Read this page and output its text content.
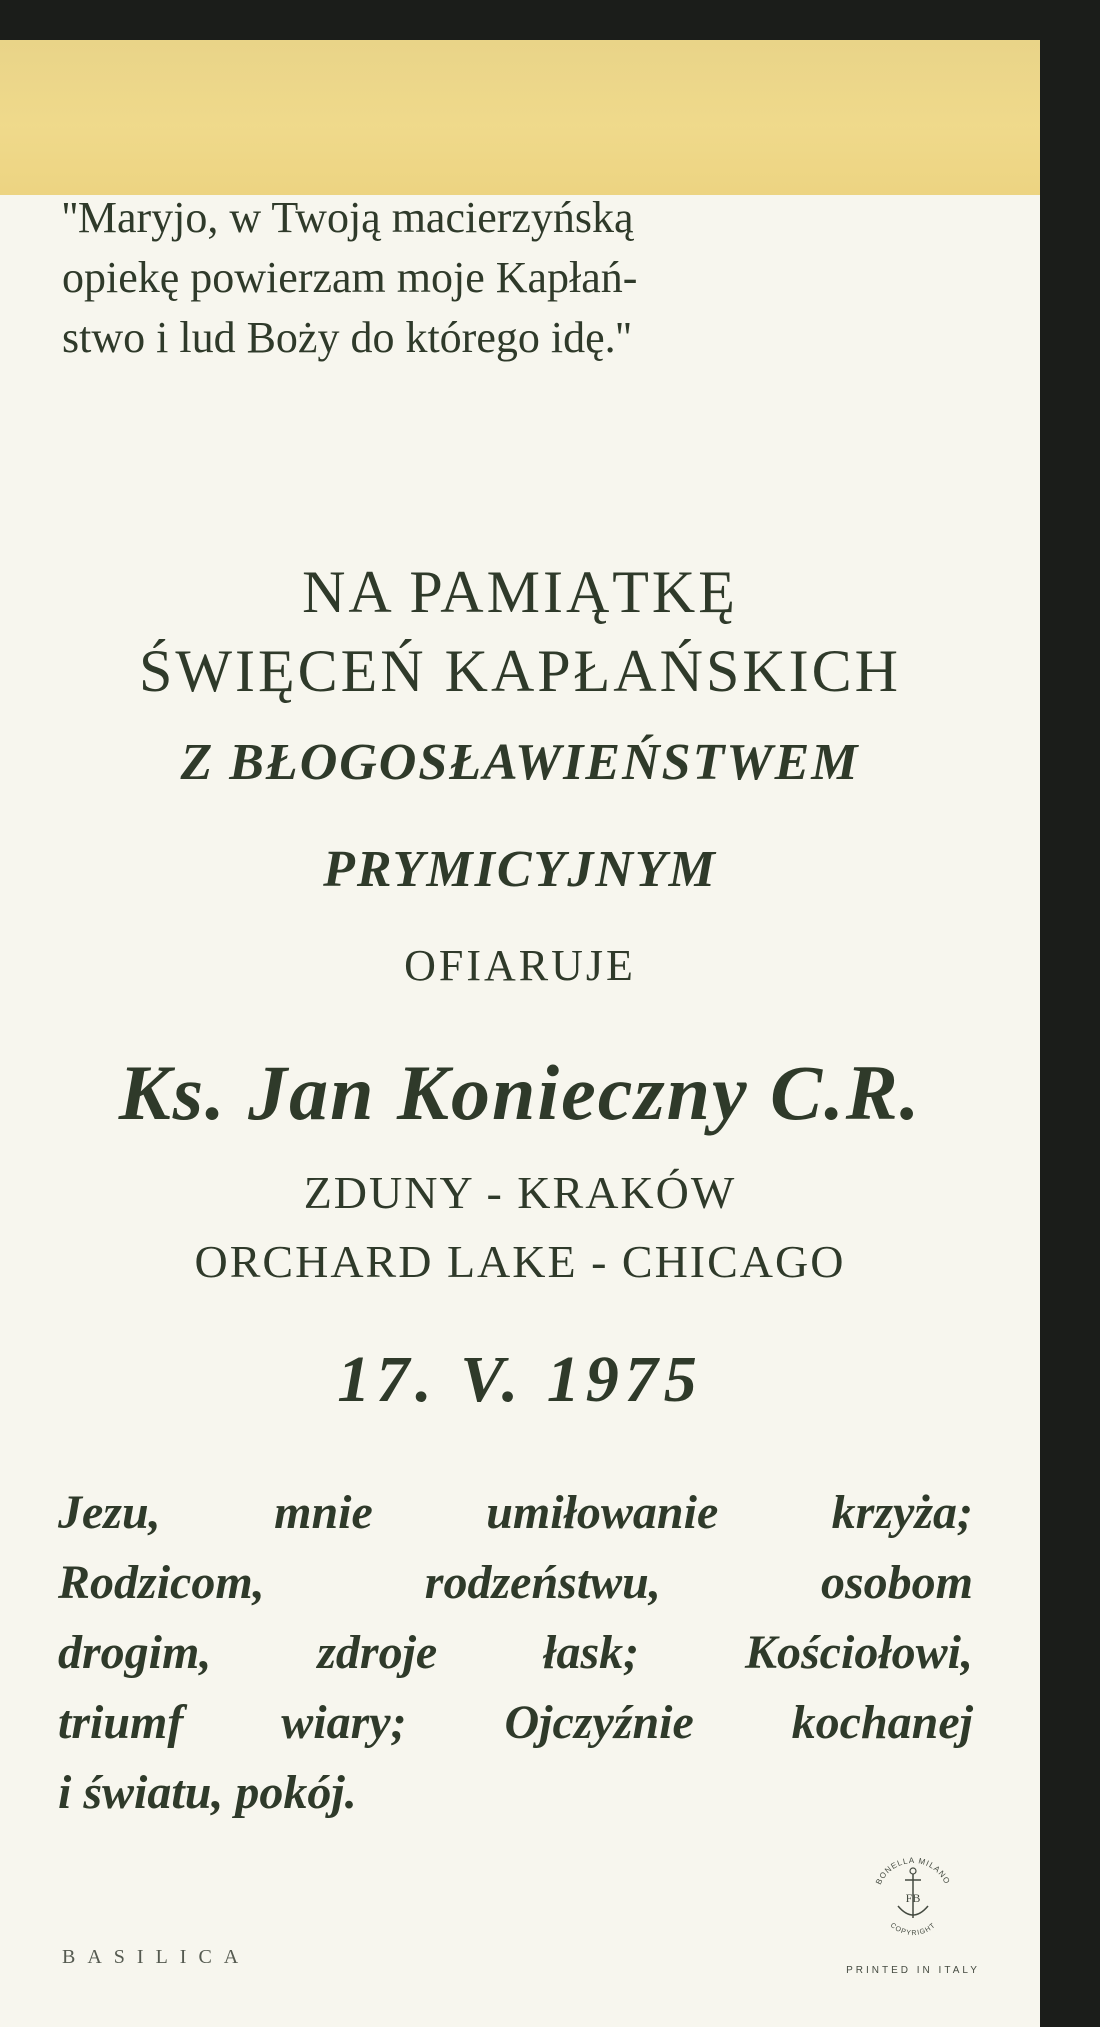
''Maryjo, w Twoją macierzyńską
opiekę powierzam moje Kapłań-
stwo i lud Boży do którego idę.''
NA PAMIĄTKĘ
ŚWIĘCEŃ KAPŁAŃSKICH
Z BŁOGOSŁAWIEŃSTWEM
PRYMICYJNYM
OFIARUJE
Ks. Jan Konieczny C.R.
ZDUNY - KRAKÓW
ORCHARD LAKE - CHICAGO
17. V. 1975
Jezu, mnie umiłowanie krzyża;
Rodzicom, rodzeństwu, osobom
drogim, zdroje łask; Kościołowi,
triumf wiary; Ojczyźnie kochanej
i światu, pokój.
BASILICA
BONELLA MILANO
COPYRIGHT
FB
PRINTED IN ITALY
